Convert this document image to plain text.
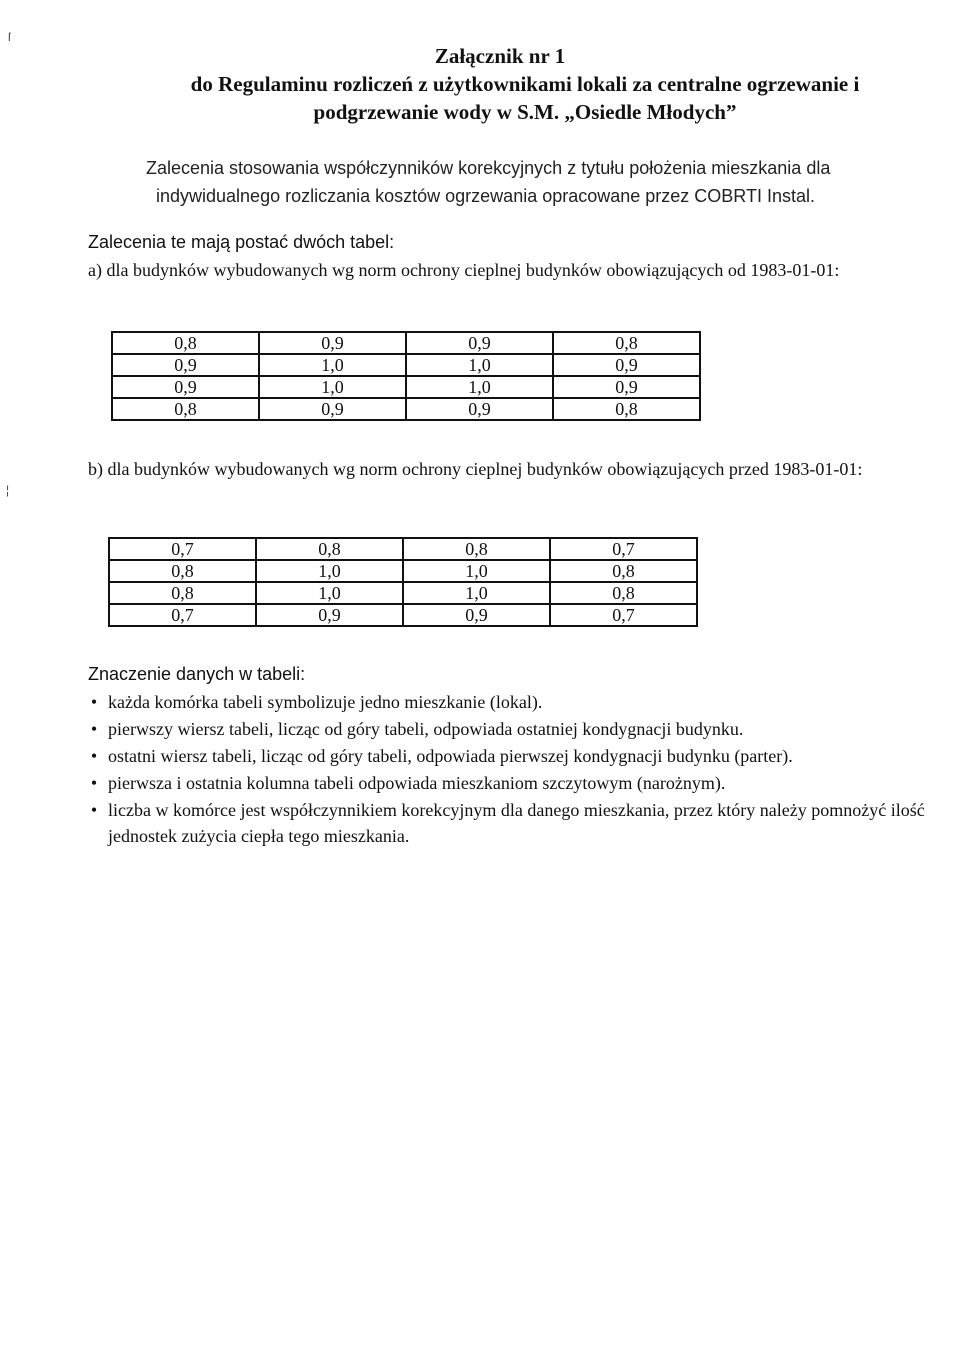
Załącznik nr 1
do Regulaminu rozliczeń z użytkownikami lokali za centralne ogrzewanie i
podgrzewanie wody w S.M. „Osiedle Młodych”
Zalecenia stosowania współczynników korekcyjnych z tytułu położenia mieszkania dla

indywidualnego rozliczania kosztów ogrzewania opracowane przez COBRTI Instal.
Zalecenia te mają postać dwóch tabel:
a) dla budynków wybudowanych wg norm ochrony cieplnej budynków obowiązujących od 1983-01-01:
0,8	0,9	0,9	0,8
0,9	1,0	1,0	0,9
0,9	1,0	1,0	0,9
0,8	0,9	0,9	0,8
b) dla budynków wybudowanych wg norm ochrony cieplnej budynków obowiązujących przed 1983-01-01:
0,7	0,8	0,8	0,7
0,8	1,0	1,0	0,8
0,8	1,0	1,0	0,8
0,7	0,9	0,9	0,7
Znaczenie danych w tabeli:
• każda komórka tabeli symbolizuje jedno mieszkanie (lokal).
• pierwszy wiersz tabeli, licząc od góry tabeli, odpowiada ostatniej kondygnacji budynku.
• ostatni wiersz tabeli, licząc od góry tabeli, odpowiada pierwszej kondygnacji budynku (parter).
• pierwsza i ostatnia kolumna tabeli odpowiada mieszkaniom szczytowym (narożnym).
• liczba w komórce jest współczynnikiem korekcyjnym dla danego mieszkania, przez który należy pomnożyć ilość jednostek zużycia ciepła tego mieszkania.
ſ
¦
